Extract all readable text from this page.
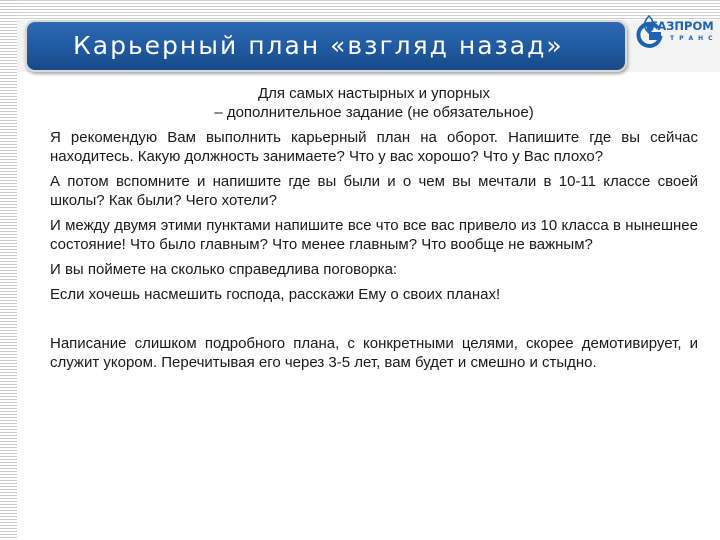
Карьерный план «взгляд назад»
ГАЗПРОМ
ТРАНС

Для самых настырных и упорных

– дополнительное задание (не обязательное)

Я рекомендую Вам выполнить карьерный план на оборот. Напишите где вы сейчас находитесь. Какую должность занимаете? Что у вас хорошо? Что у Вас плохо?

А потом вспомните и напишите где вы были и о чем вы мечтали в 10-11 классе своей школы? Как были? Чего хотели?

И между двумя этими пунктами напишите все что все вас привело из 10 класса в нынешнее состояние! Что было главным? Что менее главным? Что вообще не важным?

И вы поймете на сколько справедлива поговорка:

Если хочешь насмешить господа, расскажи Ему о своих планах!

Написание слишком подробного плана, с конкретными целями, скорее демотивирует, и служит укором. Перечитывая его через 3-5 лет, вам будет и смешно и стыдно.
